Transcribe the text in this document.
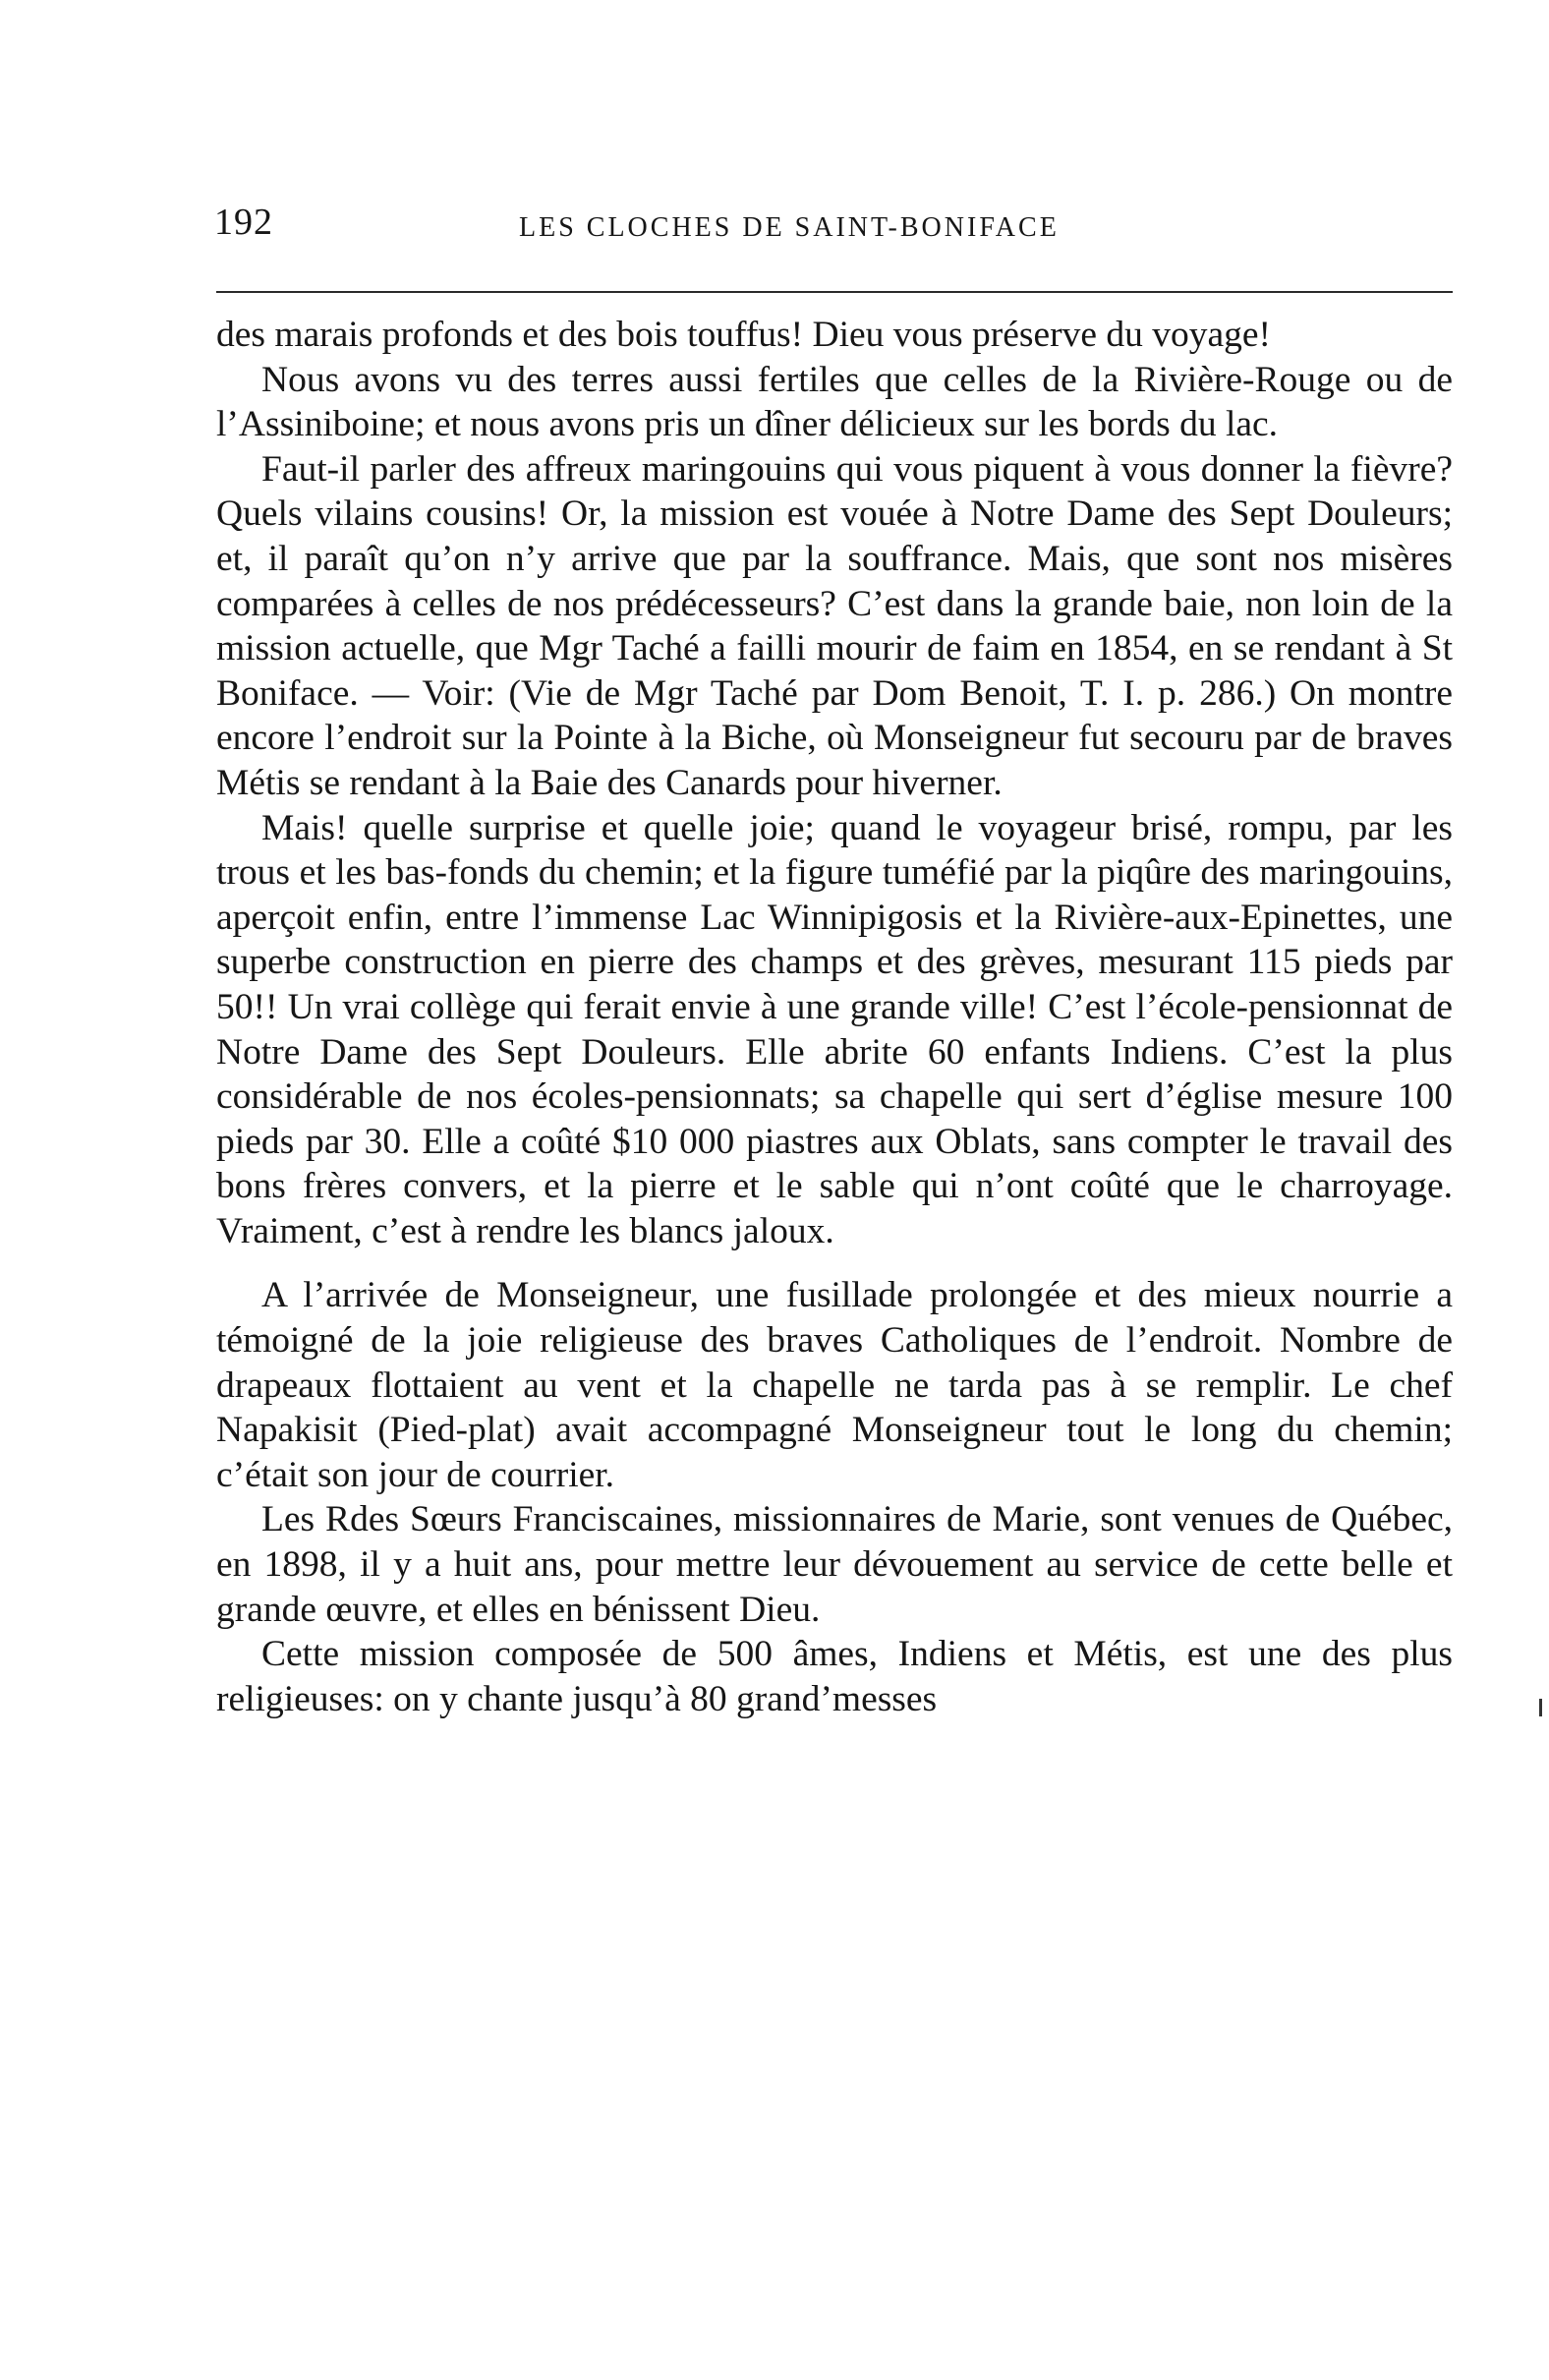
192	LES CLOCHES DE SAINT-BONIFACE

des marais profonds et des bois touffus! Dieu vous préserve du voyage!

Nous avons vu des terres aussi fertiles que celles de la Rivière-Rouge ou de l’Assiniboine; et nous avons pris un dîner délicieux sur les bords du lac.

Faut-il parler des affreux maringouins qui vous piquent à vous donner la fièvre? Quels vilains cousins! Or, la mission est vouée à Notre Dame des Sept Douleurs; et, il paraît qu’on n’y arrive que par la souffrance. Mais, que sont nos misères comparées à celles de nos prédécesseurs? C’est dans la grande baie, non loin de la mission actuelle, que Mgr Taché a failli mourir de faim en 1854, en se rendant à St Boniface. — Voir: (Vie de Mgr Taché par Dom Benoit, T. I. p. 286.) On montre encore l’endroit sur la Pointe à la Biche, où Monseigneur fut secouru par de braves Métis se rendant à la Baie des Canards pour hiverner.

Mais! quelle surprise et quelle joie; quand le voyageur brisé, rompu, par les trous et les bas-fonds du chemin; et la figure tuméfié par la piqûre des maringouins, aperçoit enfin, entre l’immense Lac Winnipigosis et la Rivière-aux-Epinettes, une superbe construction en pierre des champs et des grèves, mesurant 115 pieds par 50!! Un vrai collège qui ferait envie à une grande ville! C’est l’école-pensionnat de Notre Dame des Sept Douleurs. Elle abrite 60 enfants Indiens. C’est la plus considérable de nos écoles-pensionnats; sa chapelle qui sert d’église mesure 100 pieds par 30. Elle a coûté $10 000 piastres aux Oblats, sans compter le travail des bons frères convers, et la pierre et le sable qui n’ont coûté que le charroyage. Vraiment, c’est à rendre les blancs jaloux.

A l’arrivée de Monseigneur, une fusillade prolongée et des mieux nourrie a témoigné de la joie religieuse des braves Catholiques de l’endroit. Nombre de drapeaux flottaient au vent et la chapelle ne tarda pas à se remplir. Le chef Napakisit (Pied-plat) avait accompagné Monseigneur tout le long du chemin; c’était son jour de courrier.

Les Rdes Sœurs Franciscaines, missionnaires de Marie, sont venues de Québec, en 1898, il y a huit ans, pour mettre leur dévouement au service de cette belle et grande œuvre, et elles en bénissent Dieu.

Cette mission composée de 500 âmes, Indiens et Métis, est une des plus religieuses: on y chante jusqu’à 80 grand’messes
